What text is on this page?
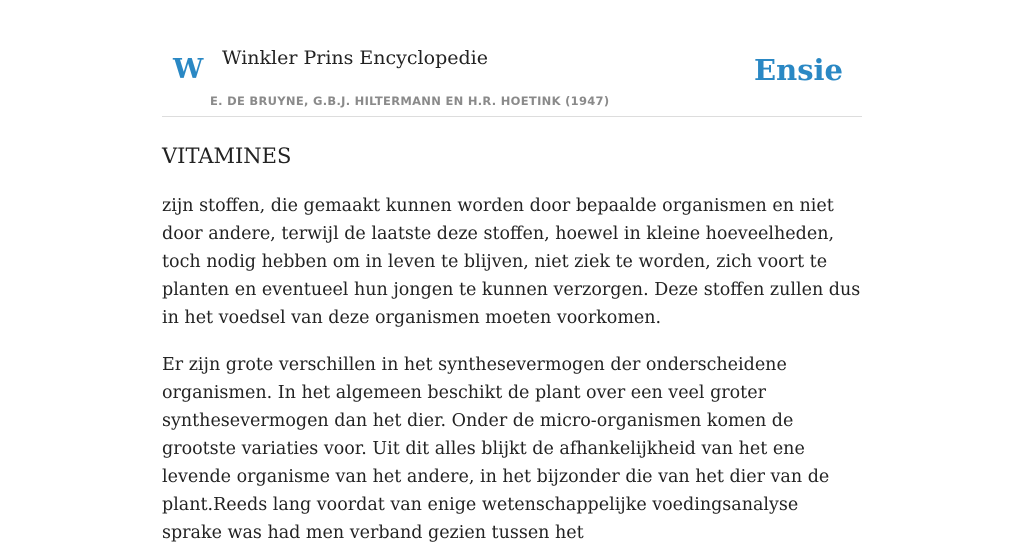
W Winkler Prins Encyclopedie
E. DE BRUYNE, G.B.J. HILTERMANN EN H.R. HOETINK (1947)
Ensie
VITAMINES

zijn stoffen, die gemaakt kunnen worden door bepaalde organismen en niet door andere, terwijl de laatste deze stoffen, hoewel in kleine hoeveelheden, toch nodig hebben om in leven te blijven, niet ziek te worden, zich voort te planten en eventueel hun jongen te kunnen verzorgen. Deze stoffen zullen dus in het voedsel van deze organismen moeten voorkomen.

Er zijn grote verschillen in het synthesevermogen der onderscheidene organismen. In het algemeen beschikt de plant over een veel groter synthesevermogen dan het dier. Onder de micro-organismen komen de grootste variaties voor. Uit dit alles blijkt de afhankelijkheid van het ene levende organisme van het andere, in het bijzonder die van het dier van de plant.Reeds lang voordat van enige wetenschappelijke voedingsanalyse sprake was had men verband gezien tussen het
